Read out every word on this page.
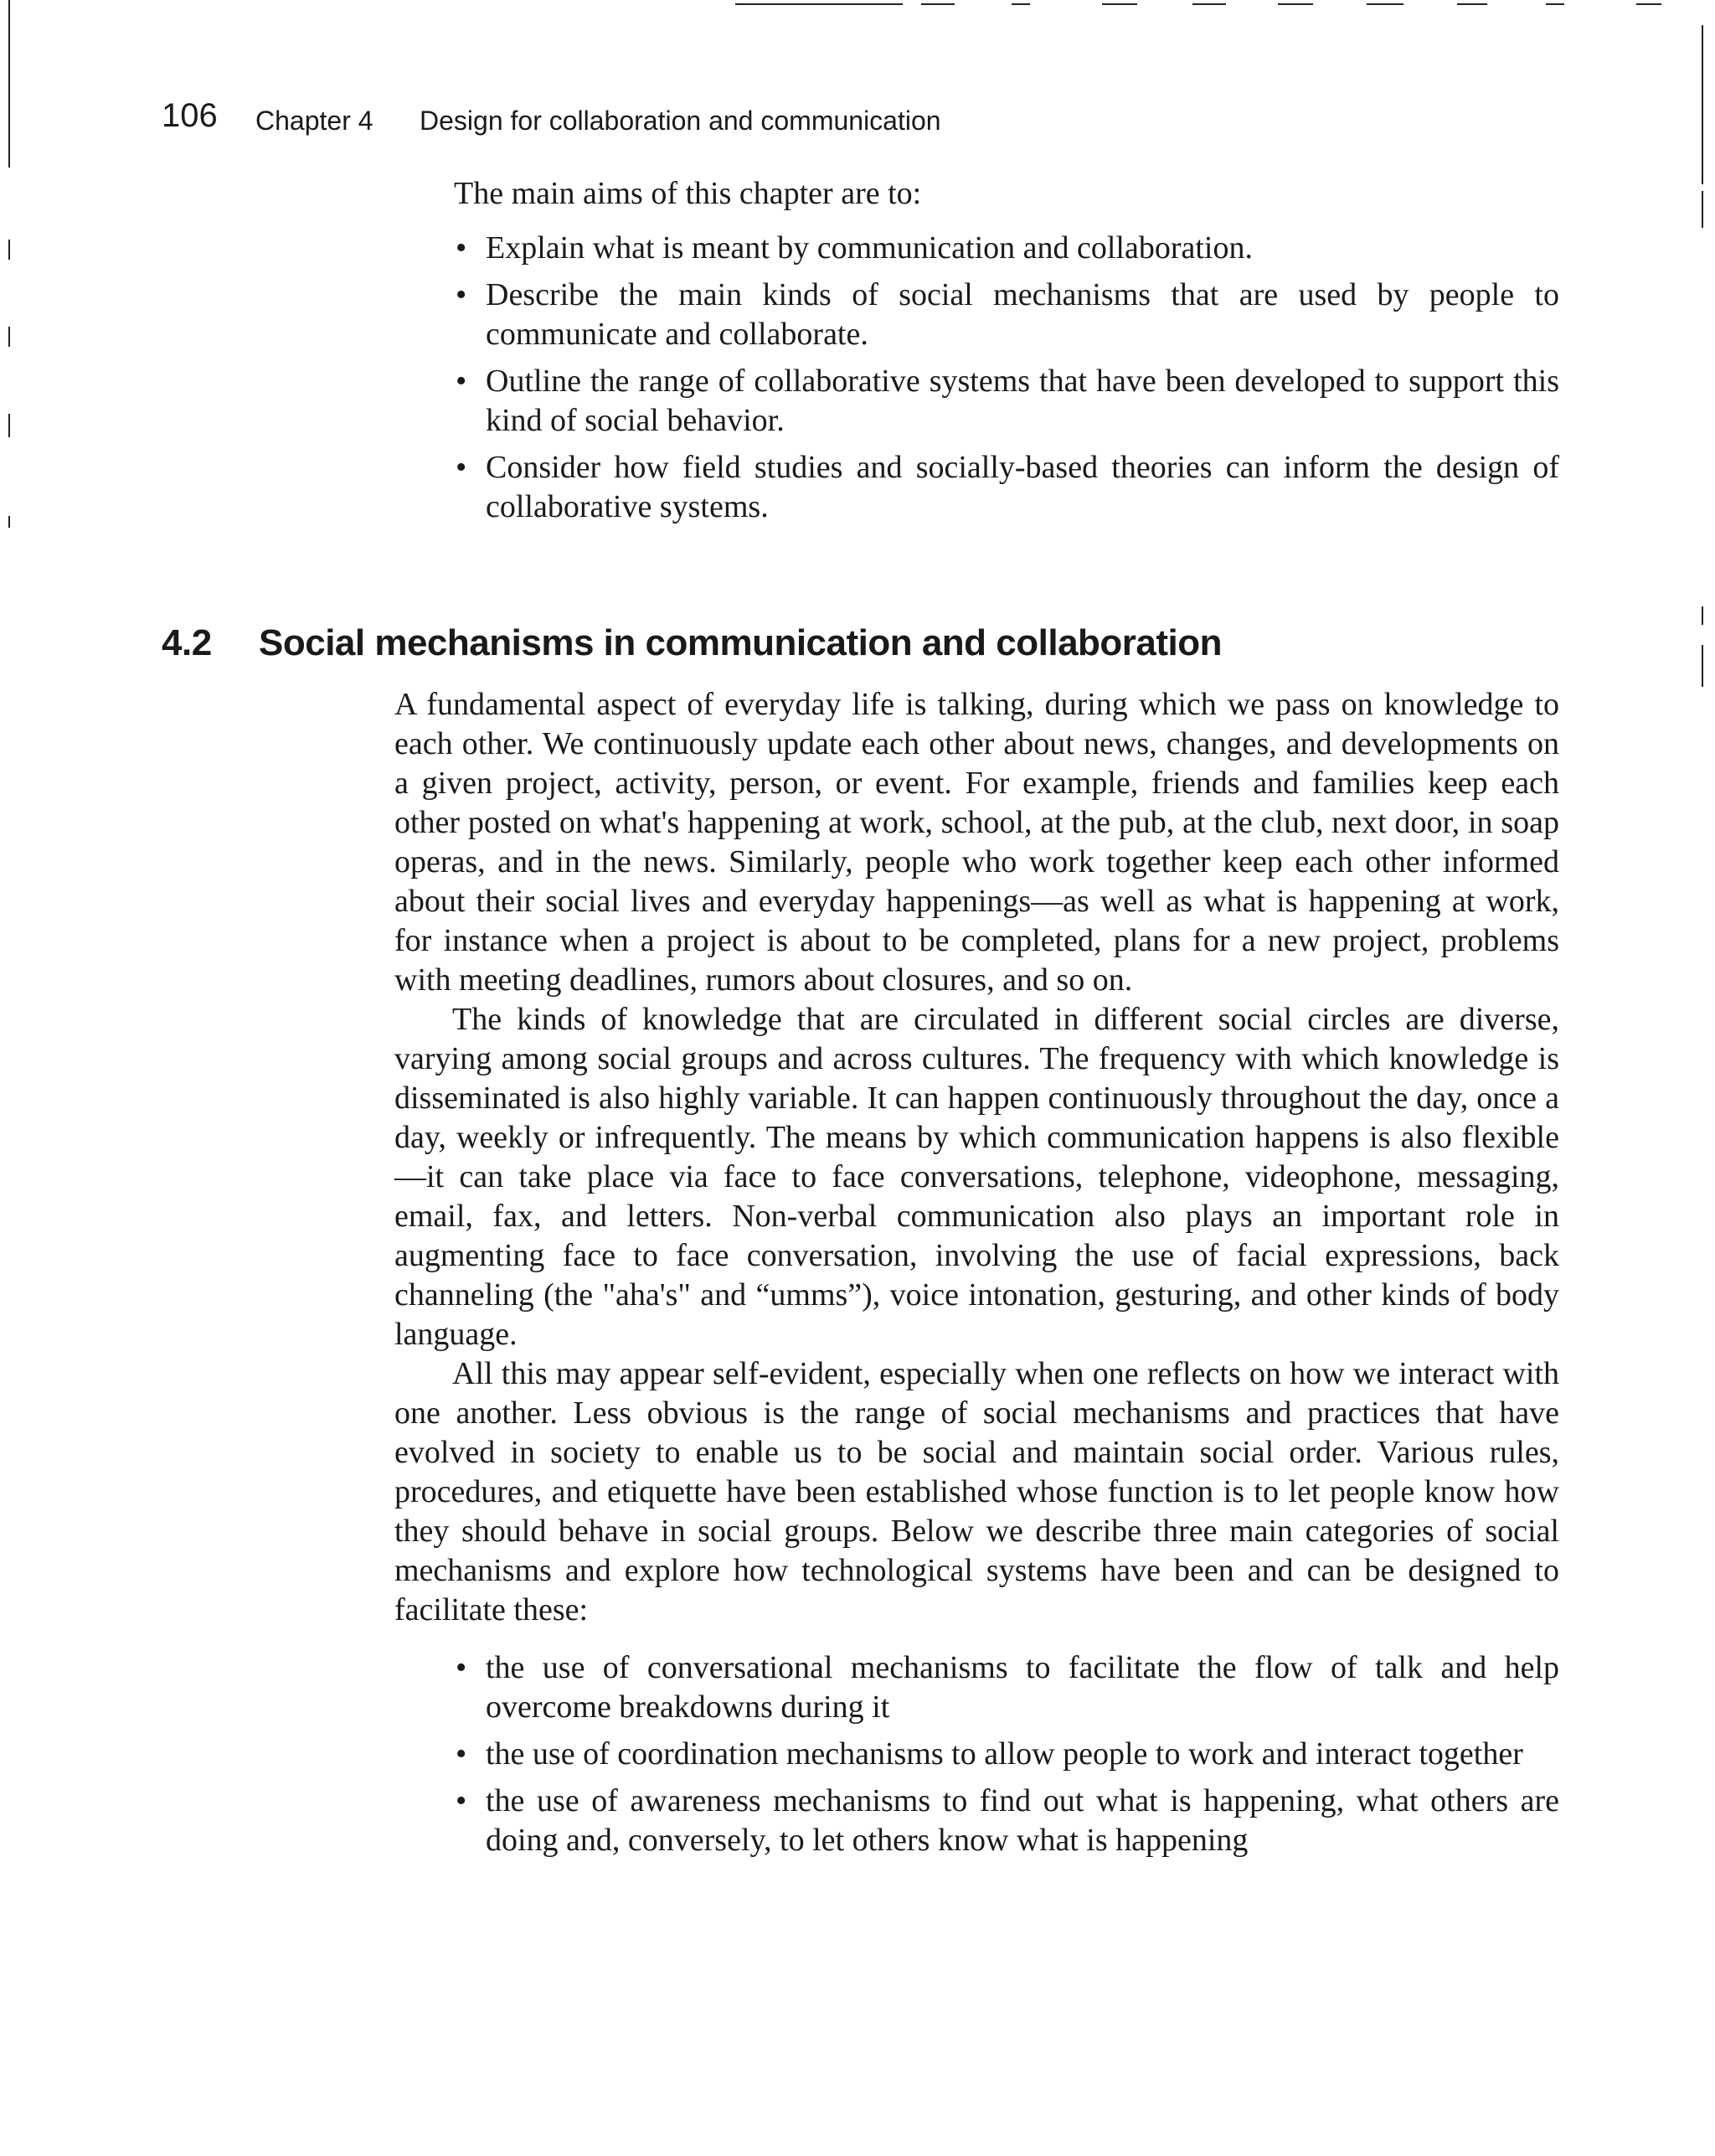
106 Chapter 4 Design for collaboration and communication

The main aims of this chapter are to:

• Explain what is meant by communication and collaboration.
• Describe the main kinds of social mechanisms that are used by people to communicate and collaborate.
• Outline the range of collaborative systems that have been developed to support this kind of social behavior.
• Consider how field studies and socially-based theories can inform the design of collaborative systems.
4.2 Social mechanisms in communication and collaboration

A fundamental aspect of everyday life is talking, during which we pass on knowledge to each other. We continuously update each other about news, changes, and developments on a given project, activity, person, or event. For example, friends and families keep each other posted on what's happening at work, school, at the pub, at the club, next door, in soap operas, and in the news. Similarly, people who work together keep each other informed about their social lives and everyday happenings—as well as what is happening at work, for instance when a project is about to be completed, plans for a new project, problems with meeting deadlines, rumors about closures, and so on.

The kinds of knowledge that are circulated in different social circles are diverse, varying among social groups and across cultures. The frequency with which knowledge is disseminated is also highly variable. It can happen continuously throughout the day, once a day, weekly or infrequently. The means by which communication happens is also flexible—it can take place via face to face conversations, telephone, videophone, messaging, email, fax, and letters. Non-verbal communication also plays an important role in augmenting face to face conversation, involving the use of facial expressions, back channeling (the "aha's" and “umms”), voice intonation, gesturing, and other kinds of body language.

All this may appear self-evident, especially when one reflects on how we interact with one another. Less obvious is the range of social mechanisms and practices that have evolved in society to enable us to be social and maintain social order. Various rules, procedures, and etiquette have been established whose function is to let people know how they should behave in social groups. Below we describe three main categories of social mechanisms and explore how technological systems have been and can be designed to facilitate these:

• the use of conversational mechanisms to facilitate the flow of talk and help overcome breakdowns during it
• the use of coordination mechanisms to allow people to work and interact together
• the use of awareness mechanisms to find out what is happening, what others are doing and, conversely, to let others know what is happening
